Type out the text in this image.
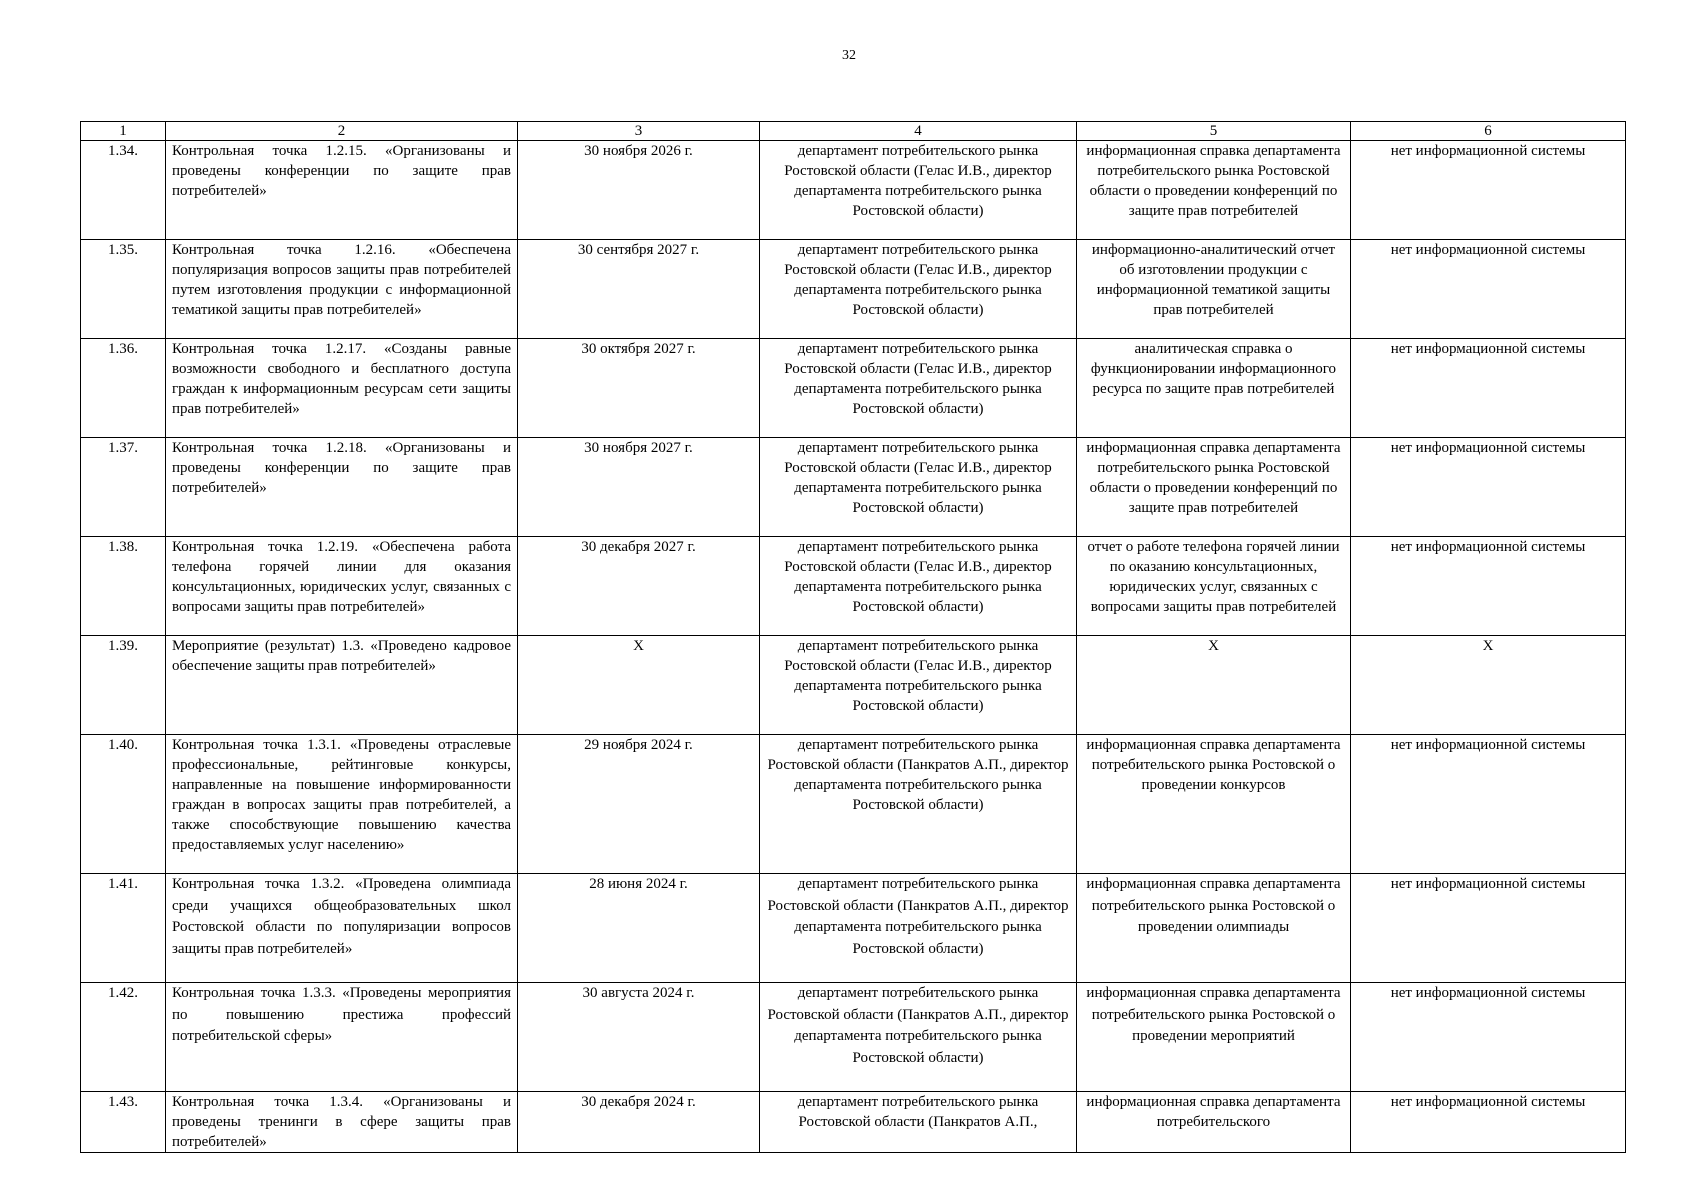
32
1	2	3	4	5	6
1.34.	Контрольная точка 1.2.15. «Организованы и проведены конференции по защите прав потребителей»	30 ноября 2026 г.	департамент потребительского рынка Ростовской области (Гелас И.В., директор департамента потребительского рынка Ростовской области)	информационная справка департамента потребительского рынка Ростовской области о проведении конференций по защите прав потребителей	нет информационной системы
1.35.	Контрольная точка 1.2.16. «Обеспечена популяризация вопросов защиты прав потребителей путем изготовления продукции с информационной тематикой защиты прав потребителей»	30 сентября 2027 г.	департамент потребительского рынка Ростовской области (Гелас И.В., директор департамента потребительского рынка Ростовской области)	информационно-аналитический отчет об изготовлении продукции с информационной тематикой защиты прав потребителей	нет информационной системы
1.36.	Контрольная точка 1.2.17. «Созданы равные возможности свободного и бесплатного доступа граждан к информационным ресурсам сети защиты прав потребителей»	30 октября 2027 г.	департамент потребительского рынка Ростовской области (Гелас И.В., директор департамента потребительского рынка Ростовской области)	аналитическая справка о функционировании информационного ресурса по защите прав потребителей	нет информационной системы
1.37.	Контрольная точка 1.2.18. «Организованы и проведены конференции по защите прав потребителей»	30 ноября 2027 г.	департамент потребительского рынка Ростовской области (Гелас И.В., директор департамента потребительского рынка Ростовской области)	информационная справка департамента потребительского рынка Ростовской области о проведении конференций по защите прав потребителей	нет информационной системы
1.38.	Контрольная точка 1.2.19. «Обеспечена работа телефона горячей линии для оказания консультационных, юридических услуг, связанных с вопросами защиты прав потребителей»	30 декабря 2027 г.	департамент потребительского рынка Ростовской области (Гелас И.В., директор департамента потребительского рынка Ростовской области)	отчет о работе телефона горячей линии по оказанию консультационных, юридических услуг, связанных с вопросами защиты прав потребителей	нет информационной системы
1.39.	Мероприятие (результат) 1.3. «Проведено кадровое обеспечение защиты прав потребителей»	Х	департамент потребительского рынка Ростовской области (Гелас И.В., директор департамента потребительского рынка Ростовской области)	Х	Х
1.40.	Контрольная точка 1.3.1. «Проведены отраслевые профессиональные, рейтинговые конкурсы, направленные на повышение информированности граждан в вопросах защиты прав потребителей, а также способствующие повышению качества предоставляемых услуг населению»	29 ноября 2024 г.	департамент потребительского рынка Ростовской области (Панкратов А.П., директор департамента потребительского рынка Ростовской области)	информационная справка департамента потребительского рынка Ростовской о проведении конкурсов	нет информационной системы
1.41.	Контрольная точка 1.3.2. «Проведена олимпиада среди учащихся общеобразовательных школ Ростовской области по популяризации вопросов защиты прав потребителей»	28 июня 2024 г.	департамент потребительского рынка Ростовской области (Панкратов А.П., директор департамента потребительского рынка Ростовской области)	информационная справка департамента потребительского рынка Ростовской о проведении олимпиады	нет информационной системы
1.42.	Контрольная точка 1.3.3. «Проведены мероприятия по повышению престижа профессий потребительской сферы»	30 августа 2024 г.	департамент потребительского рынка Ростовской области (Панкратов А.П., директор департамента потребительского рынка Ростовской области)	информационная справка департамента потребительского рынка Ростовской о проведении мероприятий	нет информационной системы
1.43.	Контрольная точка 1.3.4. «Организованы и проведены тренинги в сфере защиты прав потребителей»	30 декабря 2024 г.	департамент потребительского рынка Ростовской области (Панкратов А.П.,	информационная справка департамента потребительского	нет информационной системы
